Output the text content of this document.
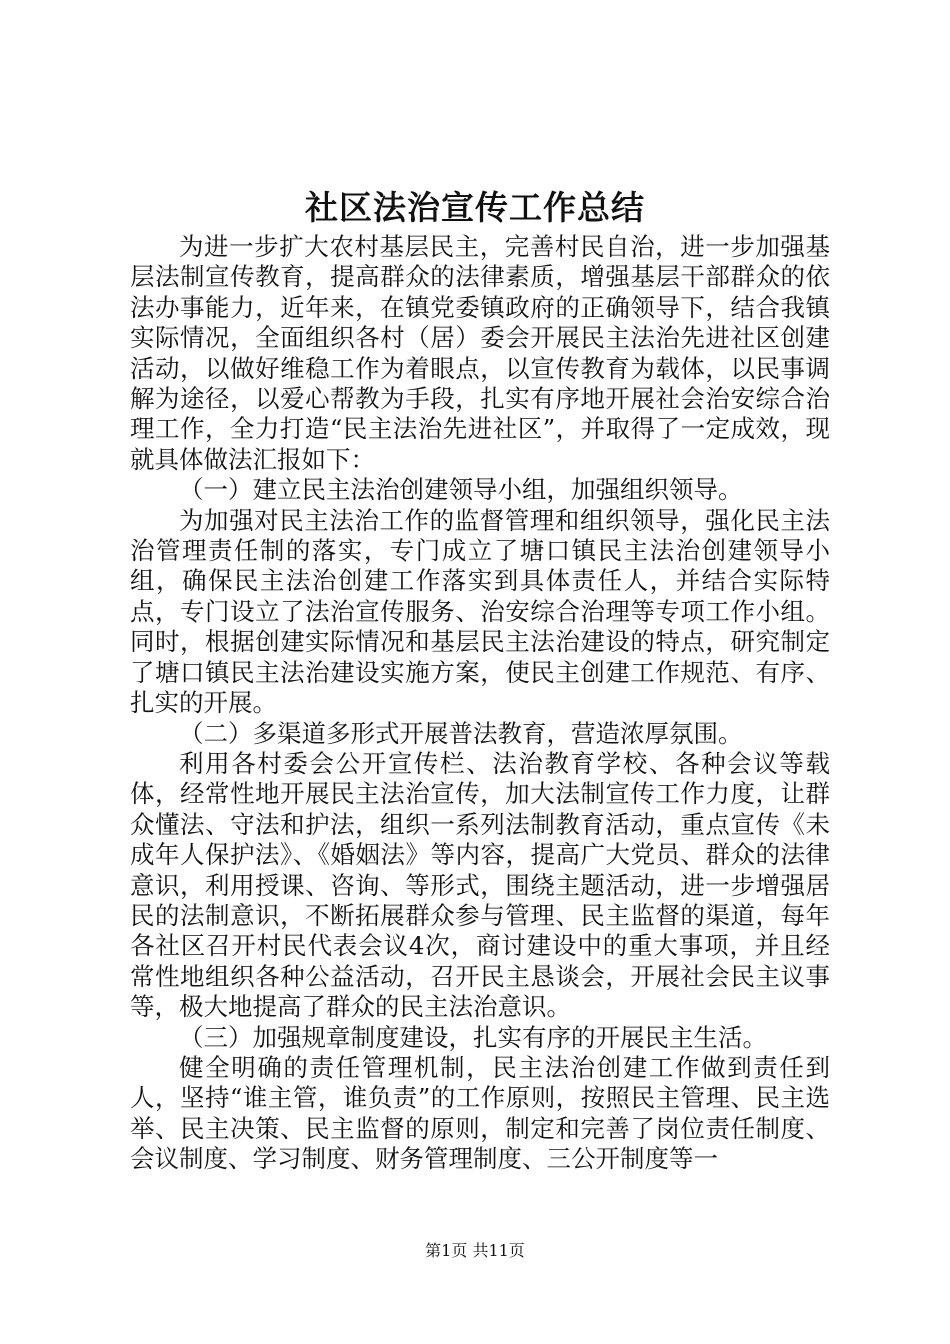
社区法治宣传工作总结

为进一步扩大农村基层民主，完善村民自治，进一步加强基层法制宣传教育，提高群众的法律素质，增强基层干部群众的依法办事能力，近年来，在镇党委镇政府的正确领导下，结合我镇实际情况，全面组织各村（居）委会开展民主法治先进社区创建活动，以做好维稳工作为着眼点，以宣传教育为载体，以民事调解为途径，以爱心帮教为手段，扎实有序地开展社会治安综合治理工作，全力打造“民主法治先进社区”，并取得了一定成效，现就具体做法汇报如下：

（一）建立民主法治创建领导小组，加强组织领导。

为加强对民主法治工作的监督管理和组织领导，强化民主法治管理责任制的落实，专门成立了塘口镇民主法治创建领导小组，确保民主法治创建工作落实到具体责任人，并结合实际特点，专门设立了法治宣传服务、治安综合治理等专项工作小组。同时，根据创建实际情况和基层民主法治建设的特点，研究制定了塘口镇民主法治建设实施方案，使民主创建工作规范、有序、扎实的开展。

（二）多渠道多形式开展普法教育，营造浓厚氛围。

利用各村委会公开宣传栏、法治教育学校、各种会议等载体，经常性地开展民主法治宣传，加大法制宣传工作力度，让群众懂法、守法和护法，组织一系列法制教育活动，重点宣传《未成年人保护法》、《婚姻法》等内容，提高广大党员、群众的法律意识，利用授课、咨询、等形式，围绕主题活动，进一步增强居民的法制意识，不断拓展群众参与管理、民主监督的渠道，每年各社区召开村民代表会议4次，商讨建设中的重大事项，并且经常性地组织各种公益活动，召开民主恳谈会，开展社会民主议事等，极大地提高了群众的民主法治意识。

（三）加强规章制度建设，扎实有序的开展民主生活。

健全明确的责任管理机制，民主法治创建工作做到责任到人，坚持“谁主管，谁负责”的工作原则，按照民主管理、民主选举、民主决策、民主监督的原则，制定和完善了岗位责任制度、会议制度、学习制度、财务管理制度、三公开制度等一

第1页 共11页
